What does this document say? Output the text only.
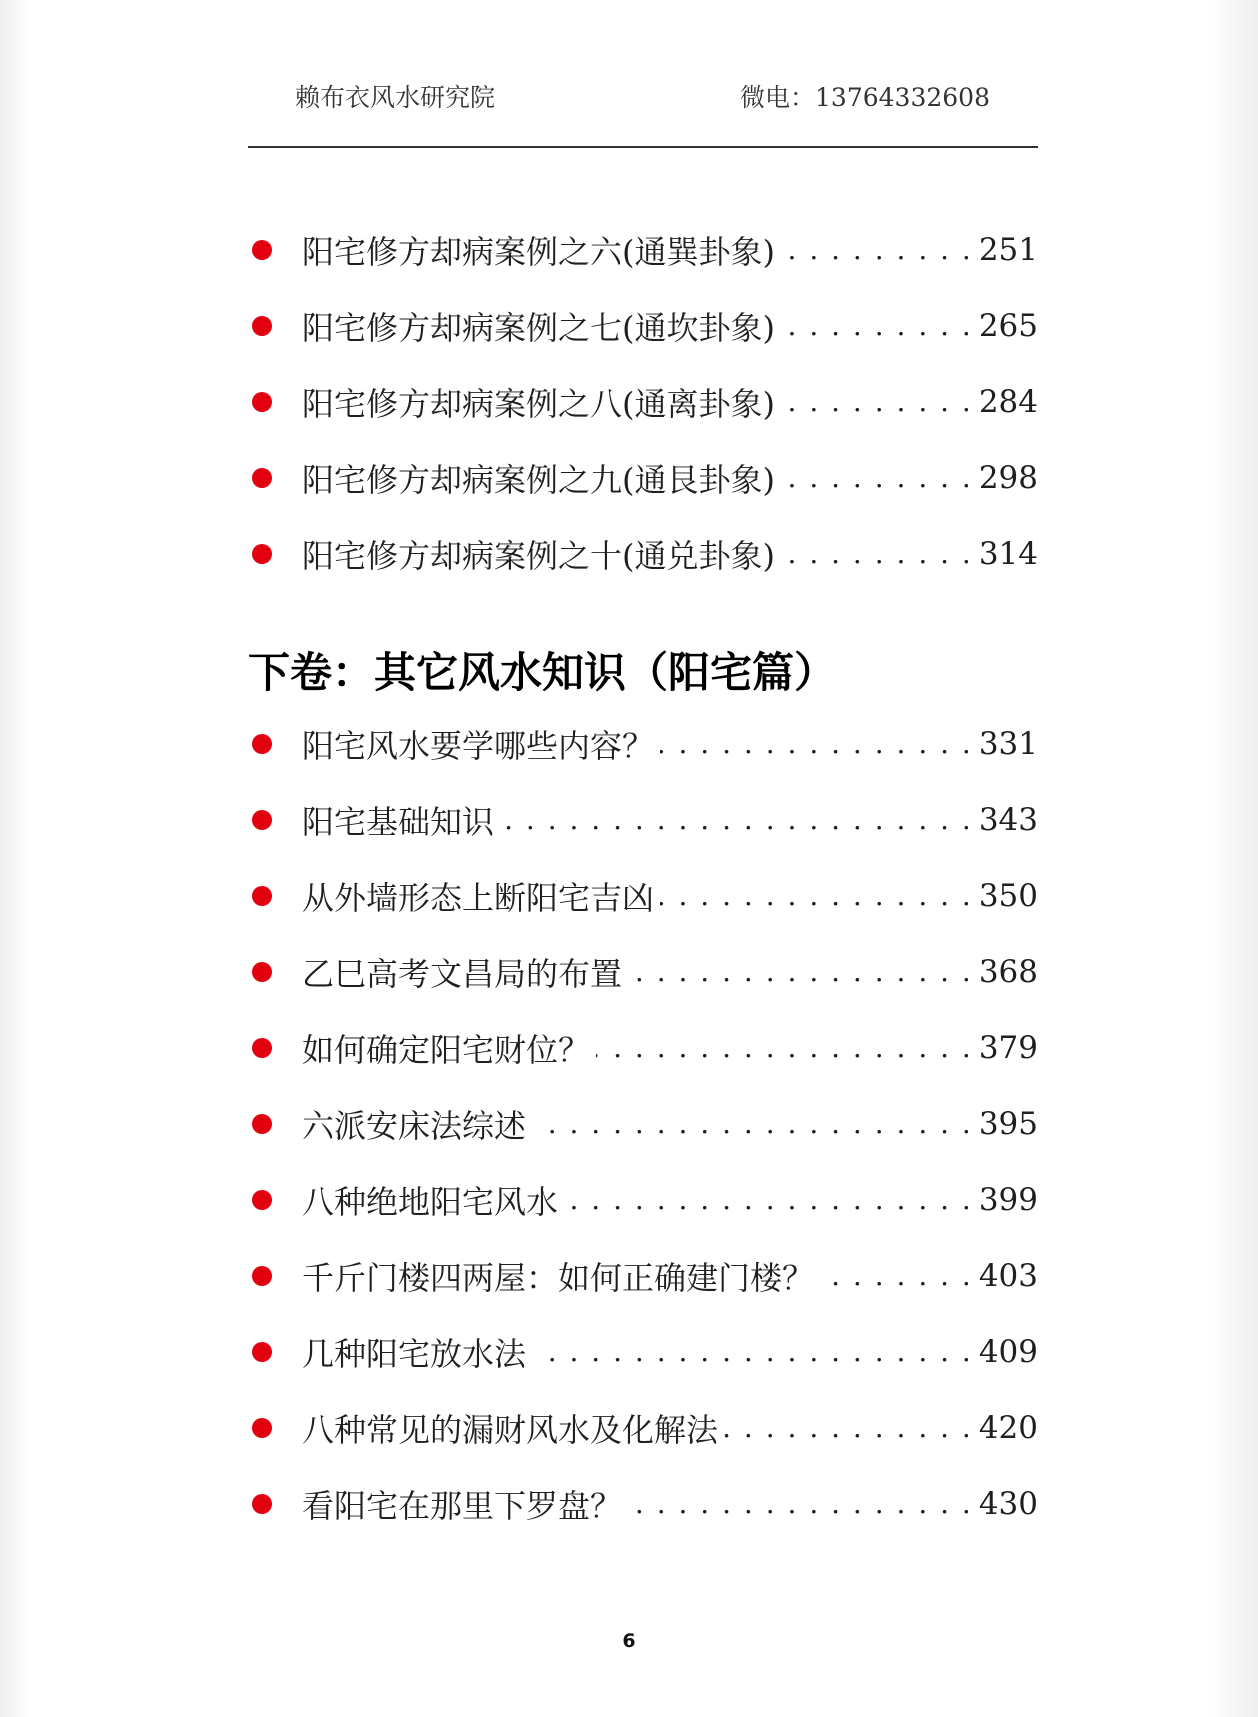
赖布衣风水研究院	微电：13764332608
阳宅修方却病案例之六(通巽卦象) . . .	251
阳宅修方却病案例之七(通坎卦象) . . .	265
阳宅修方却病案例之八(通离卦象) . . .	284
阳宅修方却病案例之九(通艮卦象) . . .	298
阳宅修方却病案例之十(通兑卦象) . . .	314
下卷：其它风水知识（阳宅篇）
阳宅风水要学哪些内容？ . . .	331
阳宅基础知识 . . .	343
从外墙形态上断阳宅吉凶 . . .	350
乙巳高考文昌局的布置 . . .	368
如何确定阳宅财位？ . . .	379
六派安床法综述 . . .	395
八种绝地阳宅风水 . . .	399
千斤门楼四两屋：如何正确建门楼？ . . .	403
几种阳宅放水法 . . .	409
八种常见的漏财风水及化解法 . . .	420
看阳宅在那里下罗盘？ . . .	430
6
